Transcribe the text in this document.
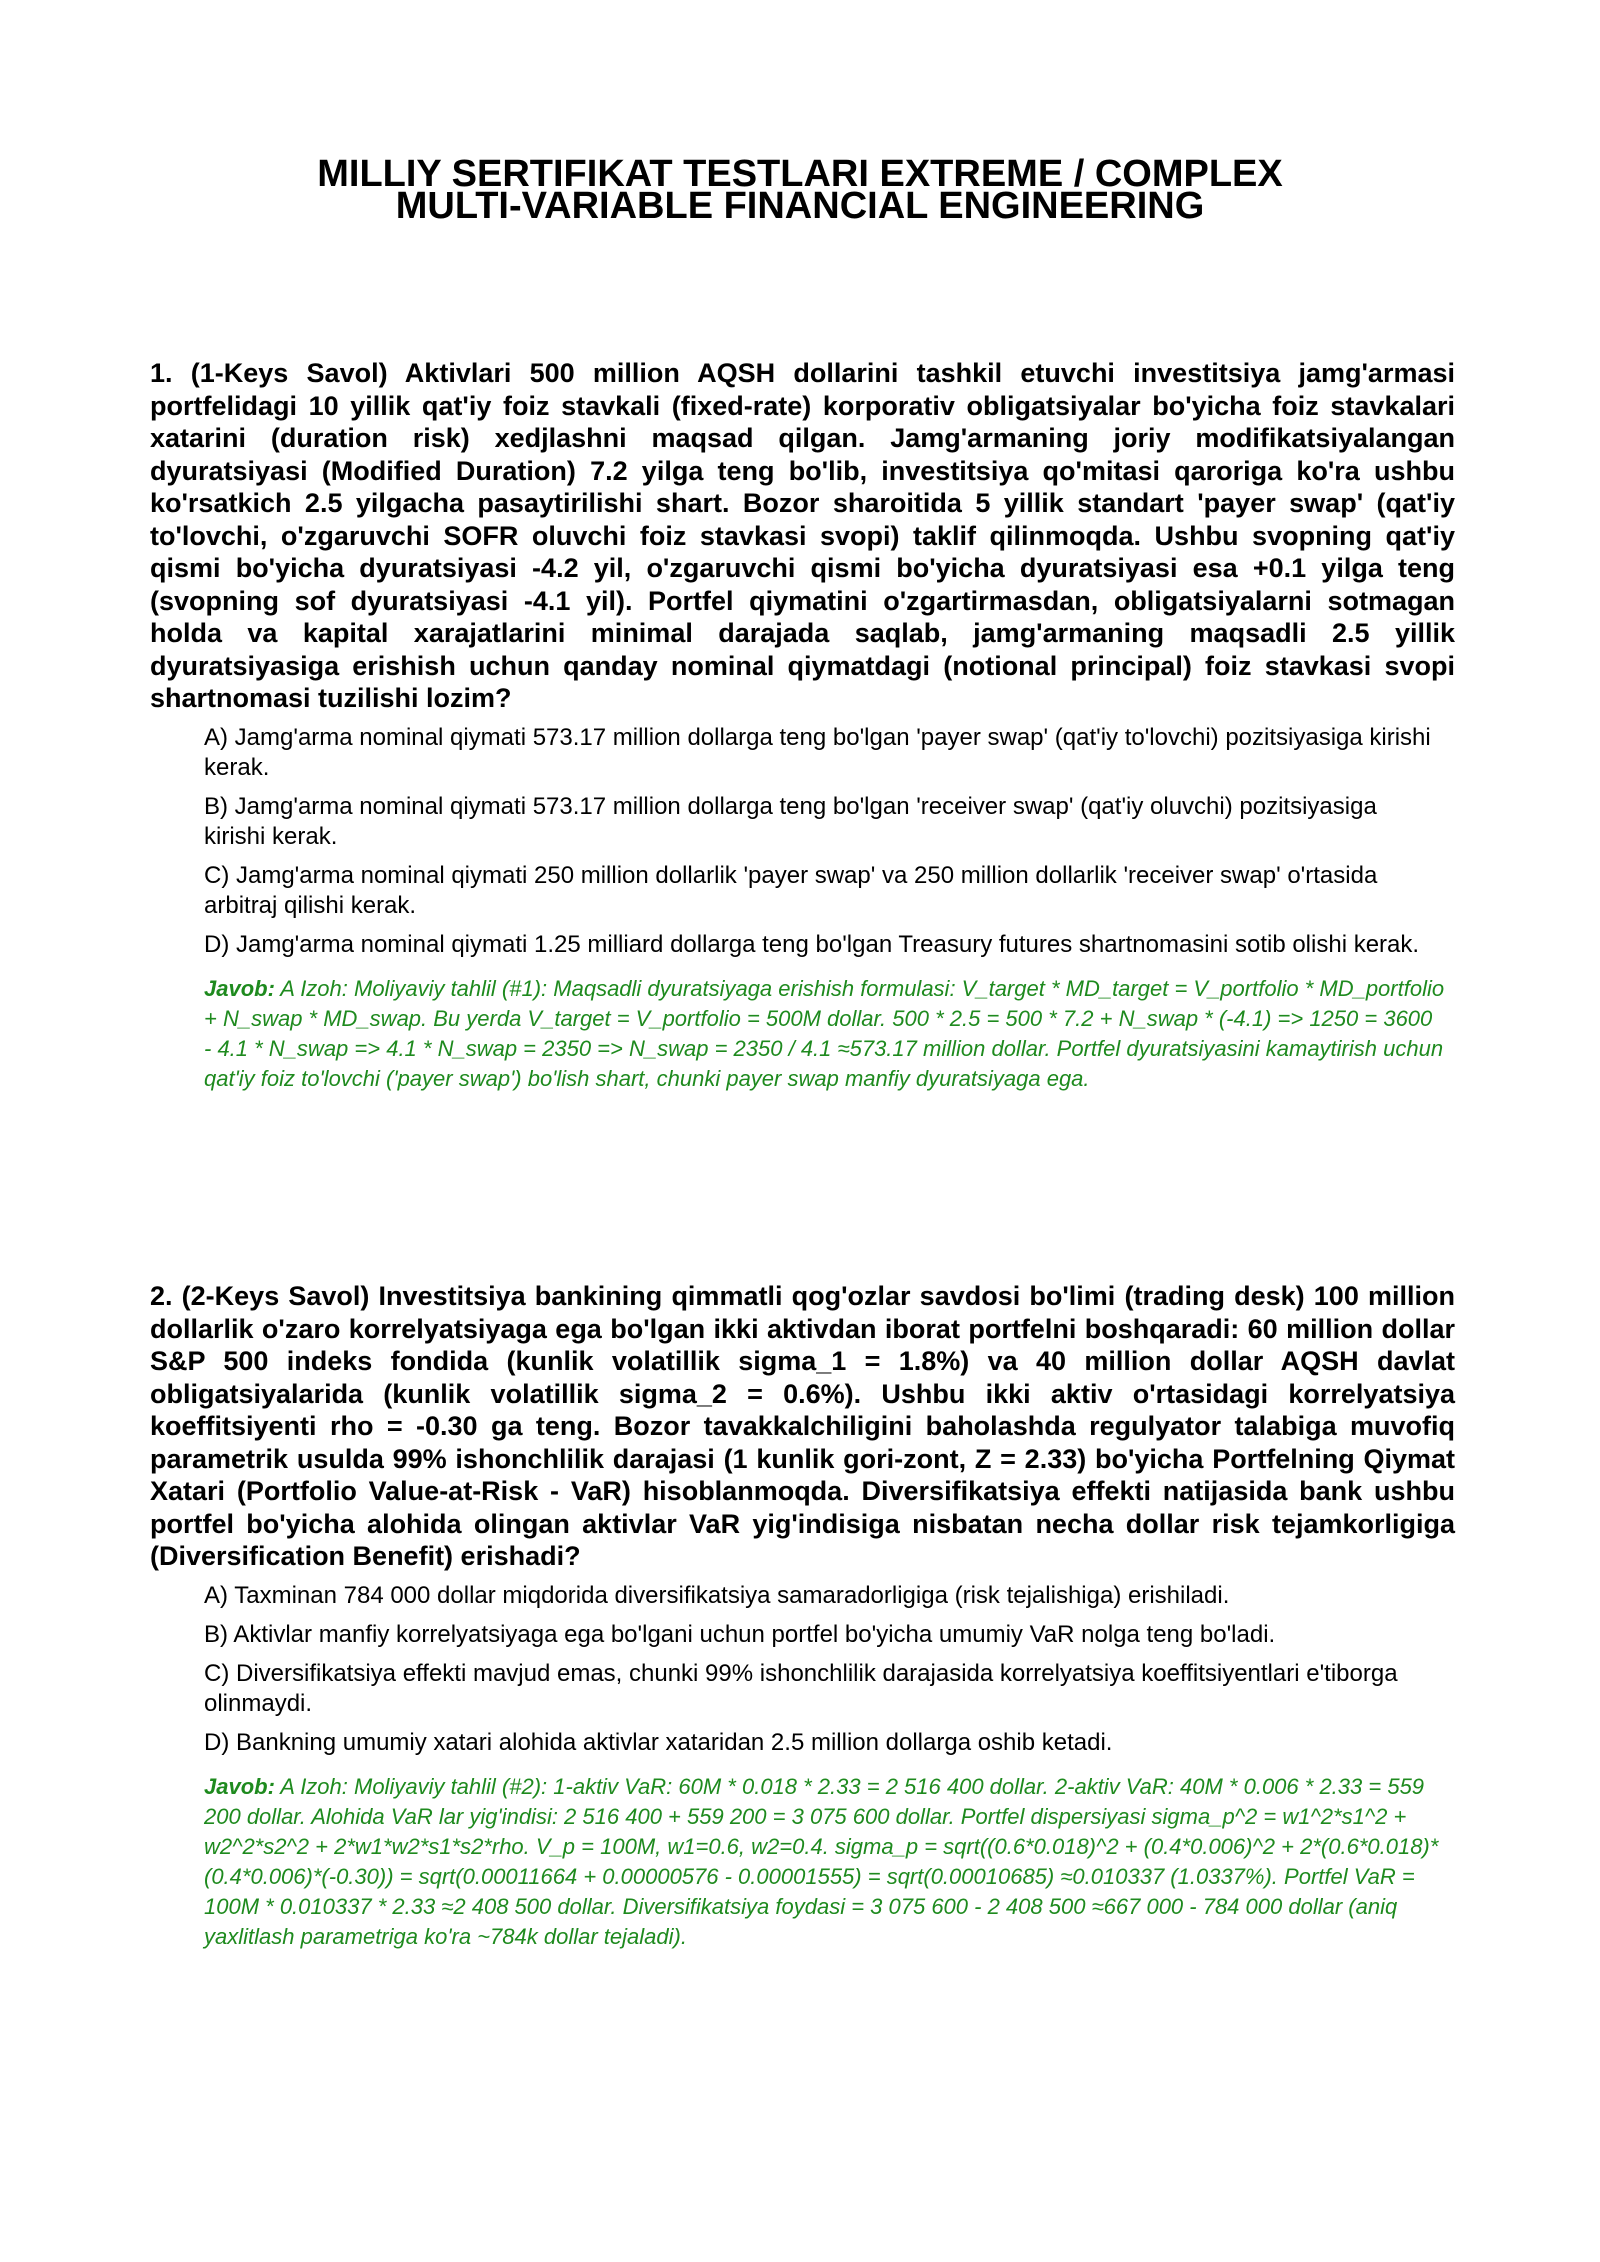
MILLIY SERTIFIKAT TESTLARI EXTREME / COMPLEX
MULTI-VARIABLE FINANCIAL ENGINEERING

1. (1-Keys Savol) Aktivlari 500 million AQSH dollarini tashkil etuvchi investitsiya jamg'armasi portfelidagi 10 yillik qat'iy foiz stavkali (fixed-rate) korporativ obligatsiyalar bo'yicha foiz stavkalari xatarini (duration risk) xedjlashni maqsad qilgan. Jamg'armaning joriy modifikatsiyalangan dyuratsiyasi (Modified Duration) 7.2 yilga teng bo'lib, investitsiya qo'mitasi qaroriga ko'ra ushbu ko'rsatkich 2.5 yilgacha pasaytirilishi shart. Bozor sharoitida 5 yillik standart 'payer swap' (qat'iy to'lovchi, o'zgaruvchi SOFR oluvchi foiz stavkasi svopi) taklif qilinmoqda. Ushbu svopning qat'iy qismi bo'yicha dyuratsiyasi -4.2 yil, o'zgaruvchi qismi bo'yicha dyuratsiyasi esa +0.1 yilga teng (svopning sof dyuratsiyasi -4.1 yil). Portfel qiymatini o'zgartirmasdan, obligatsiyalarni sotmagan holda va kapital xarajatlarini minimal darajada saqlab, jamg'armaning maqsadli 2.5 yillik dyuratsiyasiga erishish uchun qanday nominal qiymatdagi (notional principal) foiz stavkasi svopi shartnomasi tuzilishi lozim?

A) Jamg'arma nominal qiymati 573.17 million dollarga teng bo'lgan 'payer swap' (qat'iy to'lovchi) pozitsiyasiga kirishi kerak.
B) Jamg'arma nominal qiymati 573.17 million dollarga teng bo'lgan 'receiver swap' (qat'iy oluvchi) pozitsiyasiga kirishi kerak.
C) Jamg'arma nominal qiymati 250 million dollarlik 'payer swap' va 250 million dollarlik 'receiver swap' o'rtasida arbitraj qilishi kerak.
D) Jamg'arma nominal qiymati 1.25 milliard dollarga teng bo'lgan Treasury futures shartnomasini sotib olishi kerak.
Javob: A Izoh: Moliyaviy tahlil (#1): Maqsadli dyuratsiyaga erishish formulasi: V_target * MD_target = V_portfolio * MD_portfolio + N_swap * MD_swap. Bu yerda V_target = V_portfolio = 500M dollar. 500 * 2.5 = 500 * 7.2 + N_swap * (-4.1) => 1250 = 3600 - 4.1 * N_swap => 4.1 * N_swap = 2350 => N_swap = 2350 / 4.1 ≈573.17 million dollar. Portfel dyuratsiyasini kamaytirish uchun qat'iy foiz to'lovchi ('payer swap') bo'lish shart, chunki payer swap manfiy dyuratsiyaga ega.

2. (2-Keys Savol) Investitsiya bankining qimmatli qog'ozlar savdosi bo'limi (trading desk) 100 million dollarlik o'zaro korrelyatsiyaga ega bo'lgan ikki aktivdan iborat portfelni boshqaradi: 60 million dollar S&P 500 indeks fondida (kunlik volatillik sigma_1 = 1.8%) va 40 million dollar AQSH davlat obligatsiyalarida (kunlik volatillik sigma_2 = 0.6%). Ushbu ikki aktiv o'rtasidagi korrelyatsiya koeffitsiyenti rho = -0.30 ga teng. Bozor tavakkalchiligini baholashda regulyator talabiga muvofiq parametrik usulda 99% ishonchlilik darajasi (1 kunlik gori-zont, Z = 2.33) bo'yicha Portfelning Qiymat Xatari (Portfolio Value-at-Risk - VaR) hisoblanmoqda. Diversifikatsiya effekti natijasida bank ushbu portfel bo'yicha alohida olingan aktivlar VaR yig'indisiga nisbatan necha dollar risk tejamkorligiga (Diversification Benefit) erishadi?

A) Taxminan 784 000 dollar miqdorida diversifikatsiya samaradorligiga (risk tejalishiga) erishiladi.
B) Aktivlar manfiy korrelyatsiyaga ega bo'lgani uchun portfel bo'yicha umumiy VaR nolga teng bo'ladi.
C) Diversifikatsiya effekti mavjud emas, chunki 99% ishonchlilik darajasida korrelyatsiya koeffitsiyentlari e'tiborga olinmaydi.
D) Bankning umumiy xatari alohida aktivlar xataridan 2.5 million dollarga oshib ketadi.
Javob: A Izoh: Moliyaviy tahlil (#2): 1-aktiv VaR: 60M * 0.018 * 2.33 = 2 516 400 dollar. 2-aktiv VaR: 40M * 0.006 * 2.33 = 559 200 dollar. Alohida VaR lar yig'indisi: 2 516 400 + 559 200 = 3 075 600 dollar. Portfel dispersiyasi sigma_p^2 = w1^2*s1^2 + w2^2*s2^2 + 2*w1*w2*s1*s2*rho. V_p = 100M, w1=0.6, w2=0.4. sigma_p = sqrt((0.6*0.018)^2 + (0.4*0.006)^2 + 2*(0.6*0.018)*(0.4*0.006)*(-0.30)) = sqrt(0.00011664 + 0.00000576 - 0.00001555) = sqrt(0.00010685) ≈0.010337 (1.0337%). Portfel VaR = 100M * 0.010337 * 2.33 ≈2 408 500 dollar. Diversifikatsiya foydasi = 3 075 600 - 2 408 500 ≈667 000 - 784 000 dollar (aniq yaxlitlash parametriga ko'ra ~784k dollar tejaladi).
